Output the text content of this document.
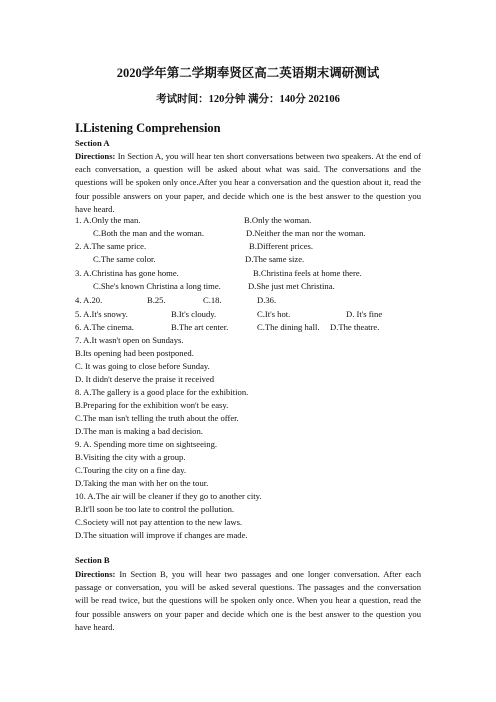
2020学年第二学期奉贤区高二英语期末调研测试
考试时间：120分钟 满分：140分 202106
I.Listening Comprehension
Section A
Directions: In Section A, you will hear ten short conversations between two speakers. At the end of each conversation, a question will be asked about what was said. The conversations and the questions will be spoken only once.After you hear a conversation and the question about it, read the four possible answers on your paper, and decide which one is the best answer to the question you have heard.
1. A.Only the man.	B.Only the woman.
C.Both the man and the woman.	D.Neither the man nor the woman.
2. A.The same price.	B.Different prices.
C.The same color.	D.The same size.
3. A.Christina has gone home.	B.Christina feels at home there.
C.She's known Christina a long time.	D.She just met Christina.
4. A.20.	B.25.	C.18.	D.36.
5. A.It's snowy.	B.It's cloudy.	C.It's hot.	D. It's fine
6. A.The cinema.	B.The art center.	C.The dining hall. D.The theatre.
7. A.It wasn't open on Sundays.
B.Its opening had been postponed.
C. It was going to close before Sunday.
D. It didn't deserve the praise it received
8. A.The gallery is a good place for the exhibition.
B.Preparing for the exhibition won't be easy.
C.The man isn't telling the truth about the offer.
D.The man is making a bad decision.
9. A. Spending more time on sightseeing.
B.Visiting the city with a group.
C.Touring the city on a fine day.
D.Taking the man with her on the tour.
10. A.The air will be cleaner if they go to another city.
B.It'll soon be too late to control the pollution.
C.Society will not pay attention to the new laws.
D.The situation will improve if changes are made.
Section B
Directions: In Section B, you will hear two passages and one longer conversation. After each passage or conversation, you will be asked several questions. The passages and the conversation will be read twice, but the questions will be spoken only once. When you hear a question, read the four possible answers on your paper and decide which one is the best answer to the question you have heard.
